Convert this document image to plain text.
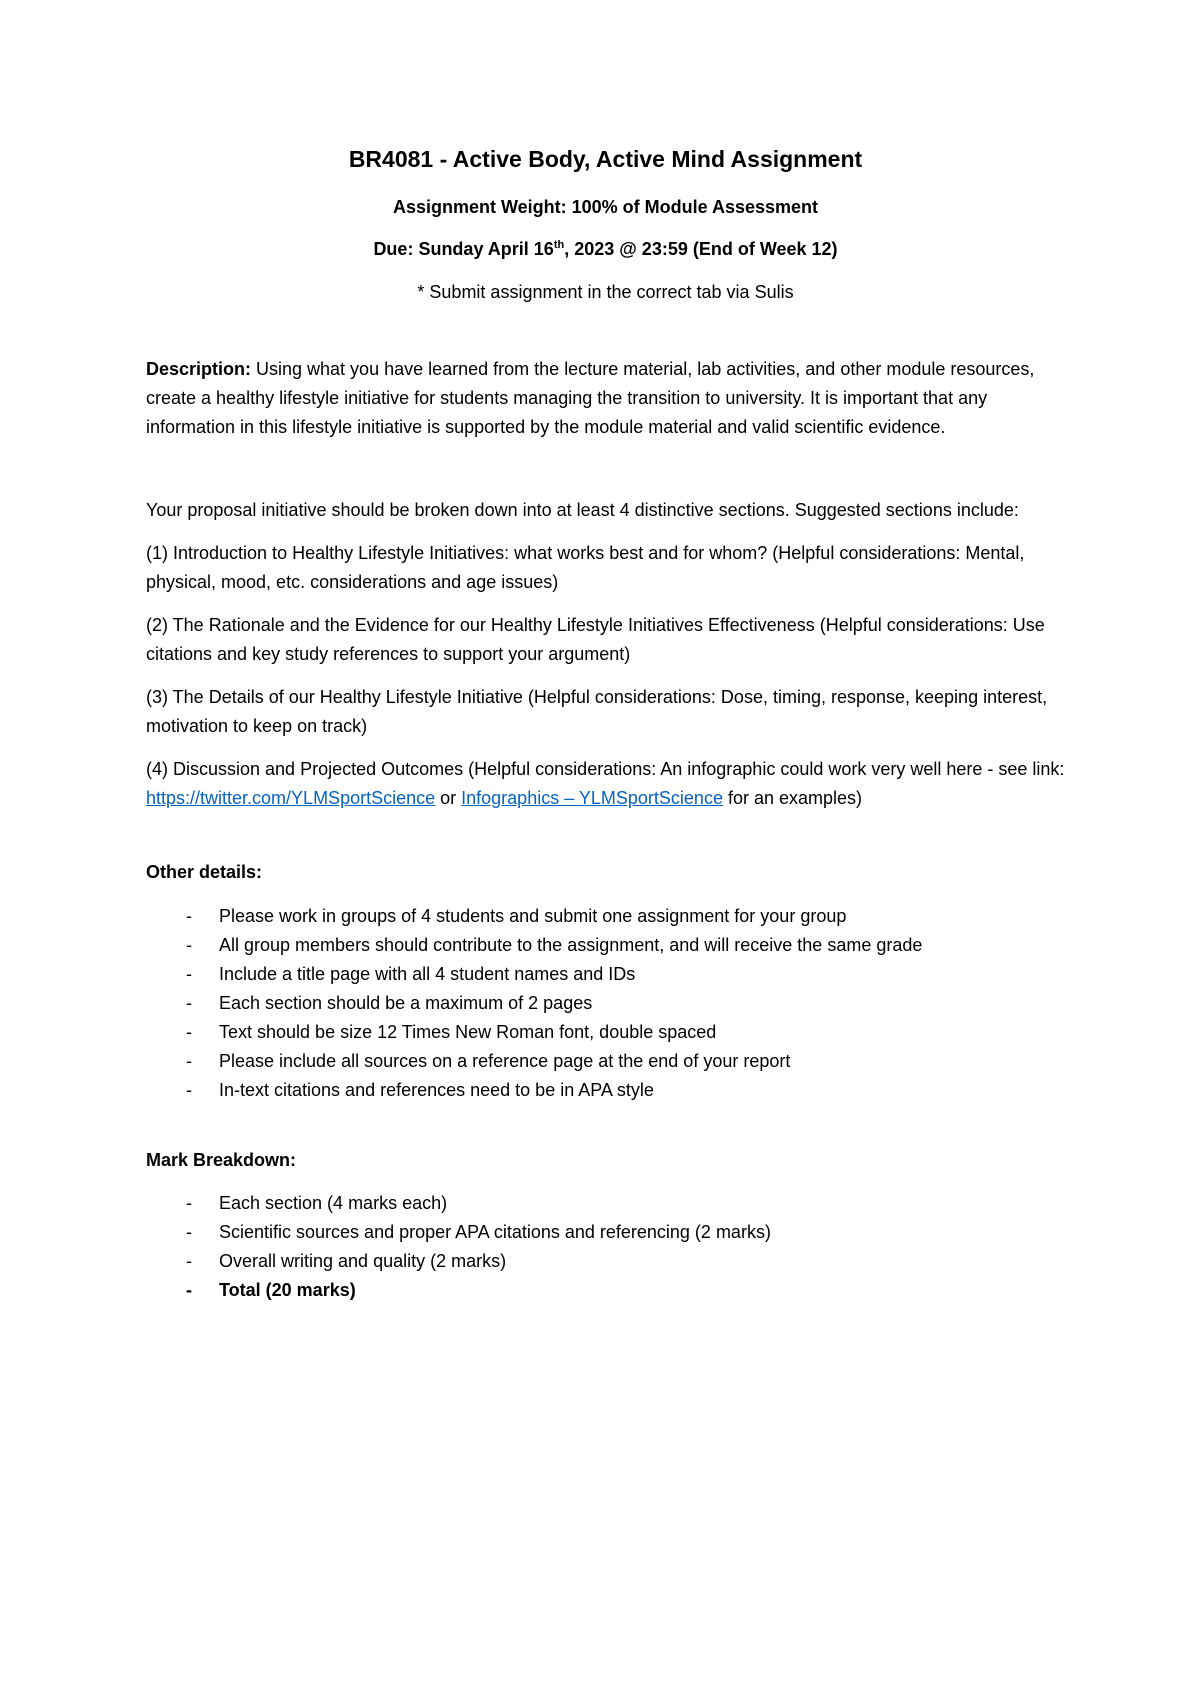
BR4081 - Active Body, Active Mind Assignment
Assignment Weight: 100% of Module Assessment
Due: Sunday April 16th, 2023 @ 23:59 (End of Week 12)
* Submit assignment in the correct tab via Sulis

Description: Using what you have learned from the lecture material, lab activities, and other module resources, create a healthy lifestyle initiative for students managing the transition to university. It is important that any information in this lifestyle initiative is supported by the module material and valid scientific evidence.

Your proposal initiative should be broken down into at least 4 distinctive sections. Suggested sections include:

(1) Introduction to Healthy Lifestyle Initiatives: what works best and for whom? (Helpful considerations: Mental, physical, mood, etc. considerations and age issues)

(2) The Rationale and the Evidence for our Healthy Lifestyle Initiatives Effectiveness (Helpful considerations: Use citations and key study references to support your argument)

(3) The Details of our Healthy Lifestyle Initiative (Helpful considerations: Dose, timing, response, keeping interest, motivation to keep on track)

(4) Discussion and Projected Outcomes (Helpful considerations: An infographic could work very well here - see link: https://twitter.com/YLMSportScience or Infographics – YLMSportScience for an examples)

Other details:
- Please work in groups of 4 students and submit one assignment for your group
- All group members should contribute to the assignment, and will receive the same grade
- Include a title page with all 4 student names and IDs
- Each section should be a maximum of 2 pages
- Text should be size 12 Times New Roman font, double spaced
- Please include all sources on a reference page at the end of your report
- In-text citations and references need to be in APA style
Mark Breakdown:
- Each section (4 marks each)
- Scientific sources and proper APA citations and referencing (2 marks)
- Overall writing and quality (2 marks)
- Total (20 marks)
